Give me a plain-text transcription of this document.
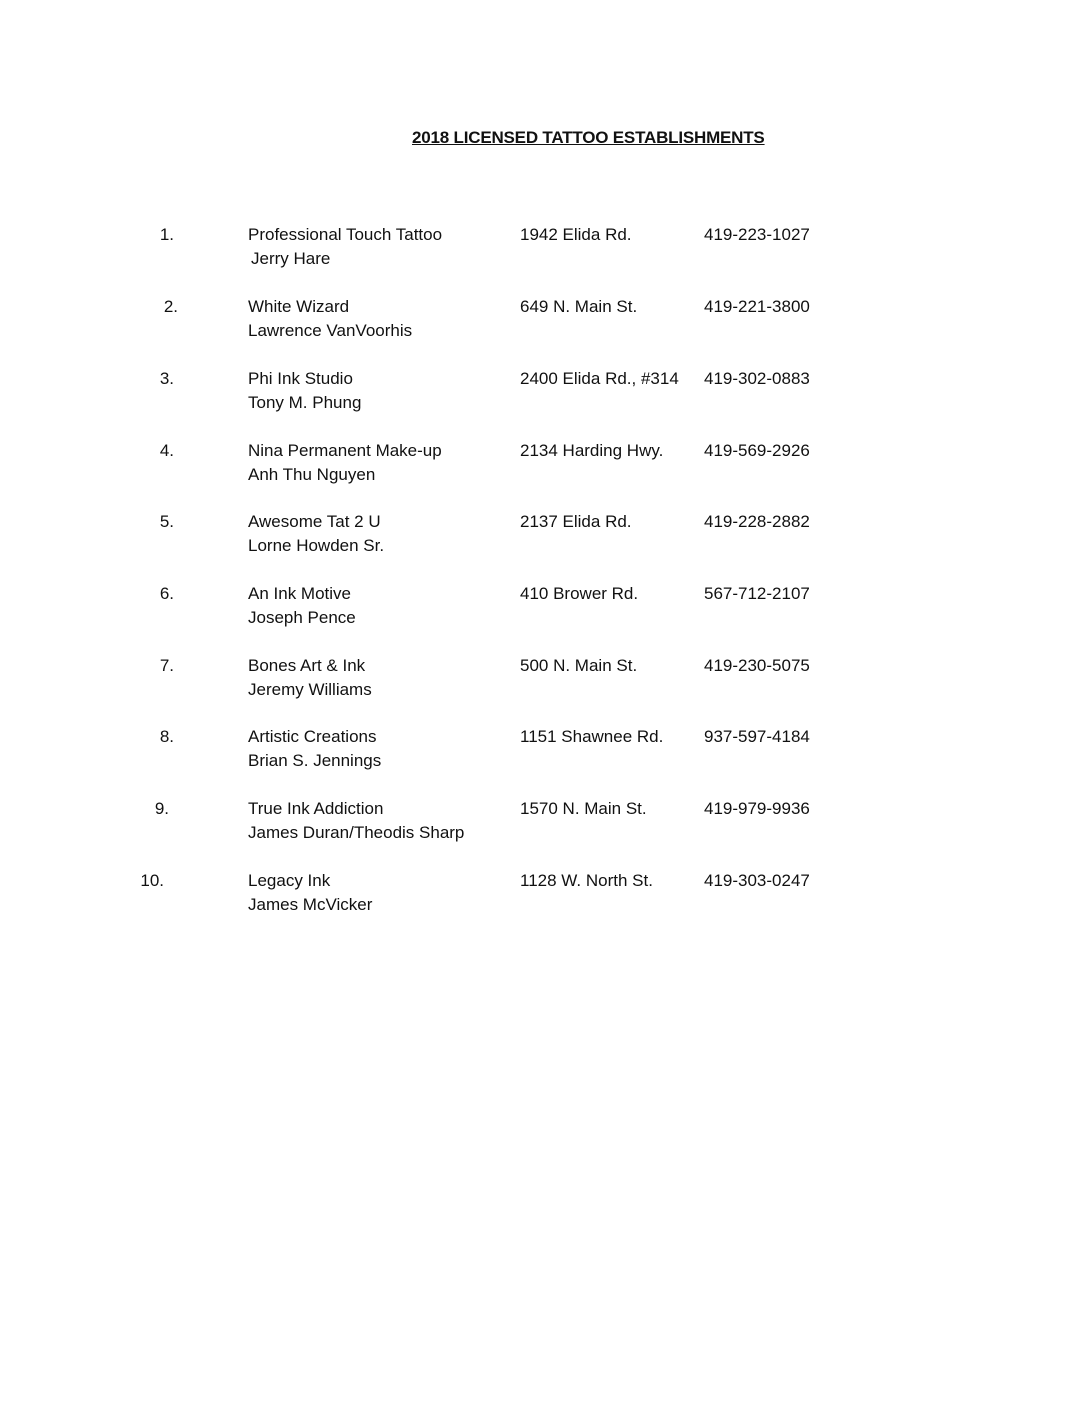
2018 LICENSED TATTOO ESTABLISHMENTS
1.	Professional Touch Tattoo
Jerry Hare
1942 Elida Rd.	419-223-1027
2.	White Wizard
Lawrence VanVoorhis
649 N. Main St.	419-221-3800
3.	Phi Ink Studio
Tony M. Phung
2400 Elida Rd., #314 419-302-0883
4.	Nina Permanent Make-up
Anh Thu Nguyen
2134 Harding Hwy. 419-569-2926
5.	Awesome Tat 2 U
Lorne Howden Sr.
2137 Elida Rd.	419-228-2882
6.	An Ink Motive
Joseph Pence
410 Brower Rd.	567-712-2107
7.	Bones Art & Ink
Jeremy Williams
500 N. Main St.	419-230-5075
8.	Artistic Creations
Brian S. Jennings
1151 Shawnee Rd. 937-597-4184
9.	True Ink Addiction
James Duran/Theodis Sharp
1570 N. Main St.	419-979-9936
10.	Legacy Ink
James McVicker
1128 W. North St.	419-303-0247
